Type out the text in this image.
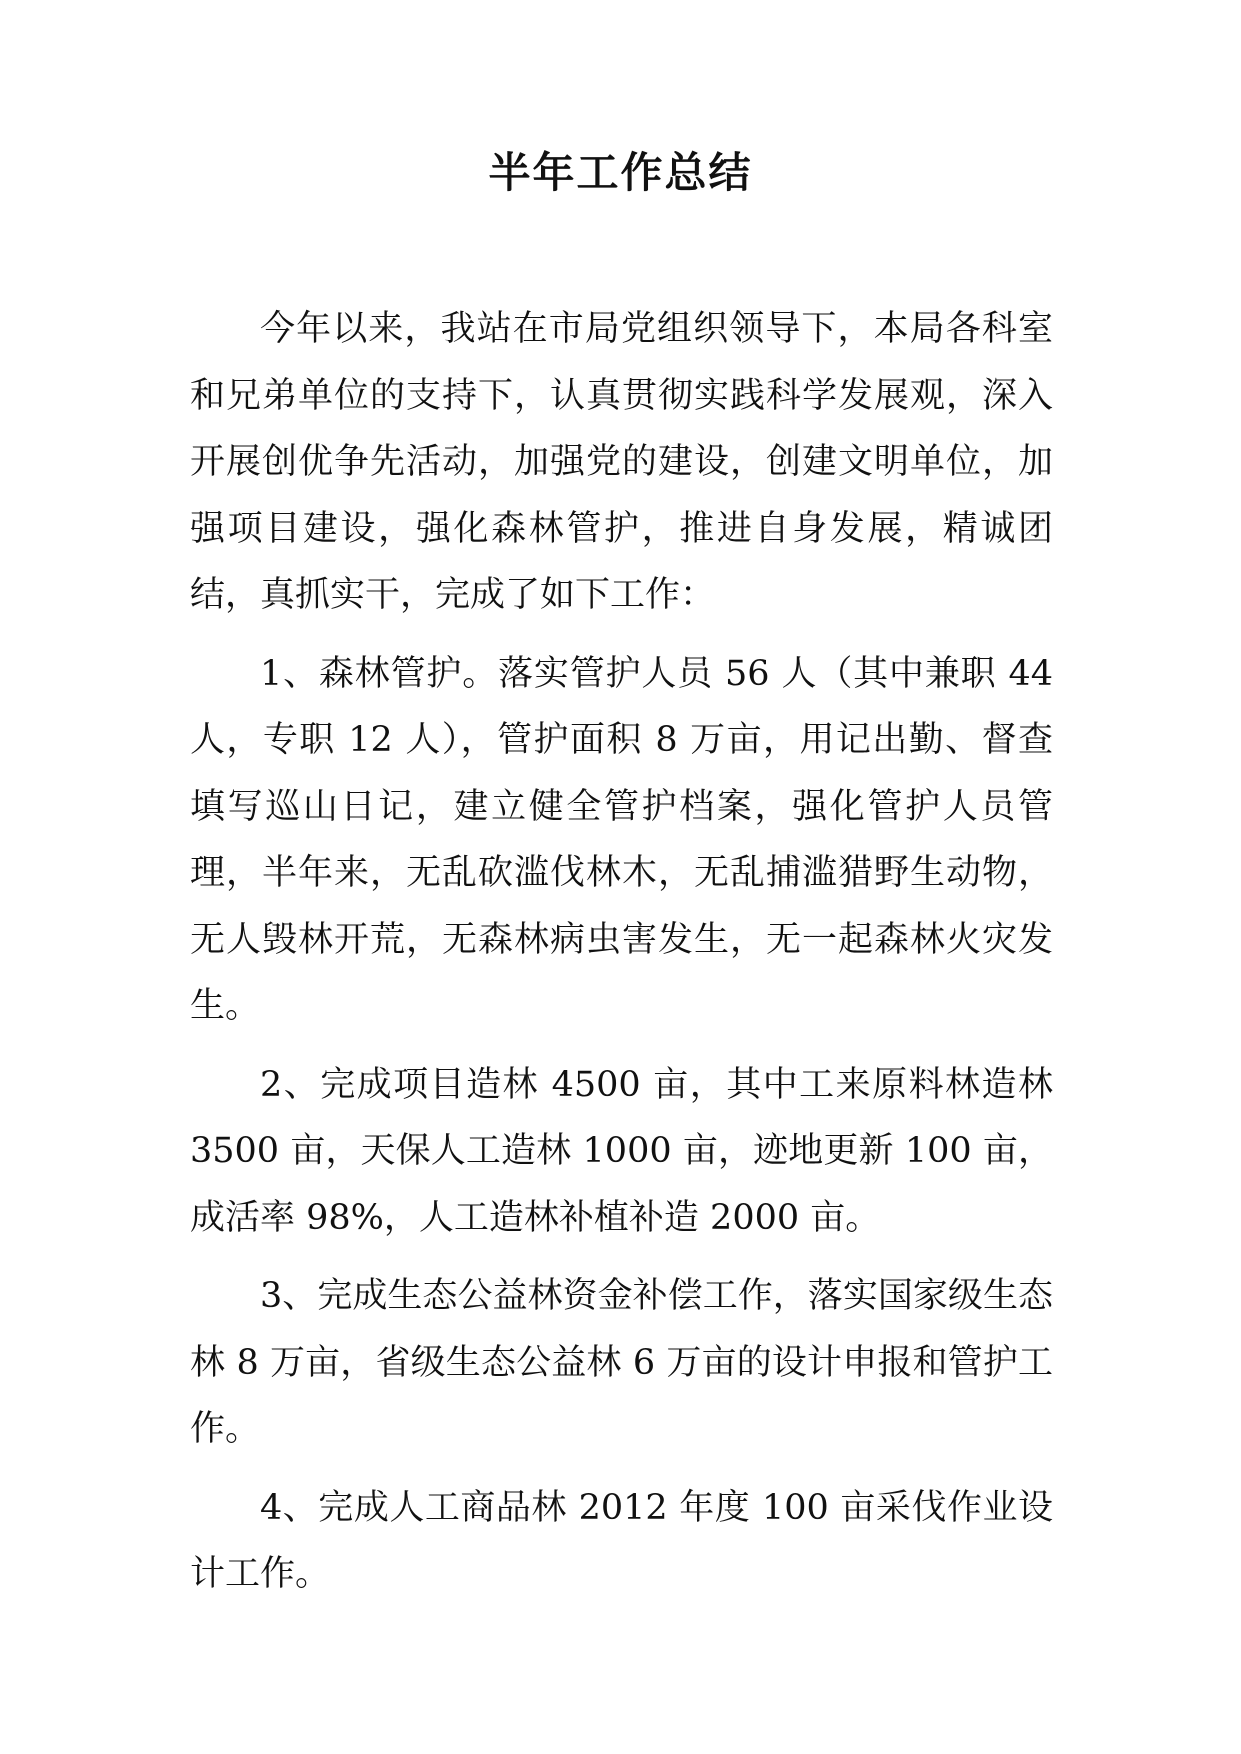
半年工作总结

今年以来，我站在市局党组织领导下，本局各科室和兄弟单位的支持下，认真贯彻实践科学发展观，深入开展创优争先活动，加强党的建设，创建文明单位，加强项目建设，强化森林管护，推进自身发展，精诚团结，真抓实干，完成了如下工作：

1、森林管护。落实管护人员 56 人（其中兼职 44 人，专职 12 人），管护面积 8 万亩，用记出勤、督查填写巡山日记，建立健全管护档案，强化管护人员管理，半年来，无乱砍滥伐林木，无乱捕滥猎野生动物，无人毁林开荒，无森林病虫害发生，无一起森林火灾发生。

2、完成项目造林 4500 亩，其中工来原料林造林 3500 亩，天保人工造林 1000 亩，迹地更新 100 亩，成活率 98%，人工造林补植补造 2000 亩。

3、完成生态公益林资金补偿工作，落实国家级生态林 8 万亩，省级生态公益林 6 万亩的设计申报和管护工作。

4、完成人工商品林 2012 年度 100 亩采伐作业设计工作。
